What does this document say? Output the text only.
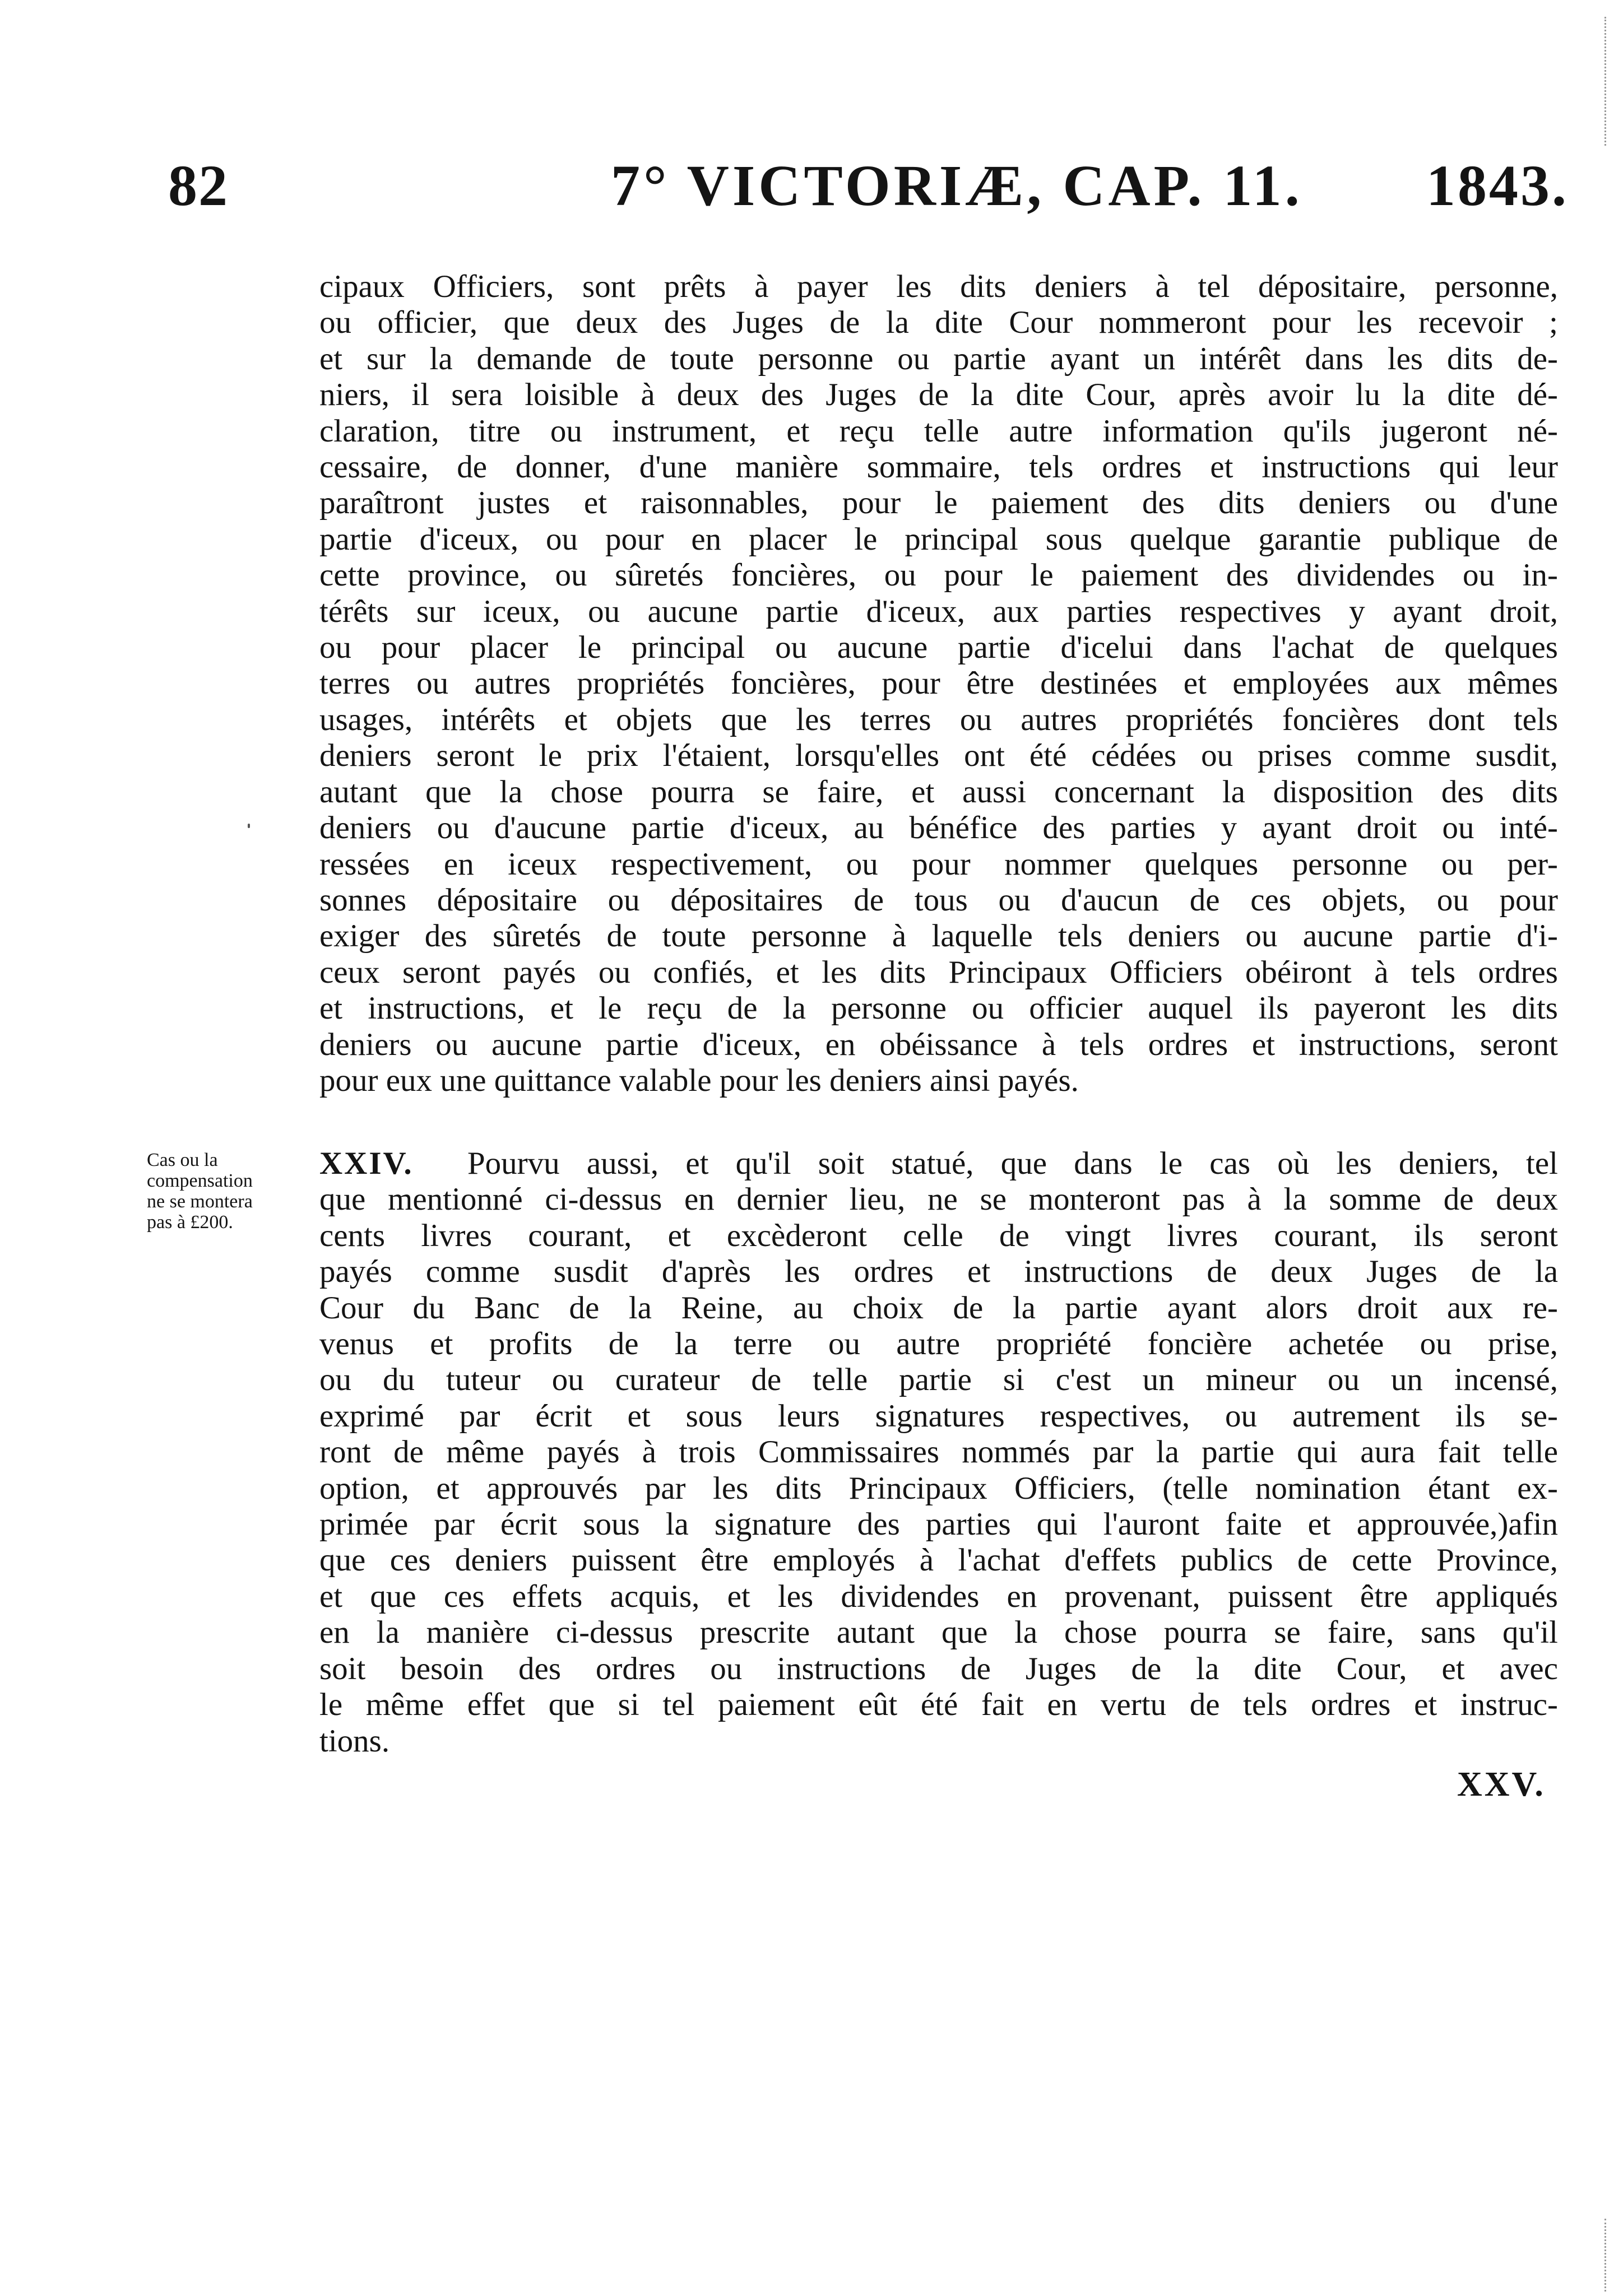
82	7° VICTORIÆ, CAP. 11. 1843.
cipaux Officiers, sont prêts à payer les dits deniers à tel dépositaire, personne,
ou officier, que deux des Juges de la dite Cour nommeront pour les recevoir ;
et sur la demande de toute personne ou partie ayant un intérêt dans les dits de-
niers, il sera loisible à deux des Juges de la dite Cour, après avoir lu la dite dé-
claration, titre ou instrument, et reçu telle autre information qu'ils jugeront né-
cessaire, de donner, d'une manière sommaire, tels ordres et instructions qui leur
paraîtront justes et raisonnables, pour le paiement des dits deniers ou d'une
partie d'iceux, ou pour en placer le principal sous quelque garantie publique de
cette province, ou sûretés foncières, ou pour le paiement des dividendes ou in-
térêts sur iceux, ou aucune partie d'iceux, aux parties respectives y ayant droit,
ou pour placer le principal ou aucune partie d'icelui dans l'achat de quelques
terres ou autres propriétés foncières, pour être destinées et employées aux mêmes
usages, intérêts et objets que les terres ou autres propriétés foncières dont tels
deniers seront le prix l'étaient, lorsqu'elles ont été cédées ou prises comme susdit,
autant que la chose pourra se faire, et aussi concernant la disposition des dits
deniers ou d'aucune partie d'iceux, au bénéfice des parties y ayant droit ou inté-
ressées en iceux respectivement, ou pour nommer quelques personne ou per-
sonnes dépositaire ou dépositaires de tous ou d'aucun de ces objets, ou pour
exiger des sûretés de toute personne à laquelle tels deniers ou aucune partie d'i-
ceux seront payés ou confiés, et les dits Principaux Officiers obéiront à tels ordres
et instructions, et le reçu de la personne ou officier auquel ils payeront les dits
deniers ou aucune partie d'iceux, en obéissance à tels ordres et instructions, seront
pour eux une quittance valable pour les deniers ainsi payés.
Cas ou la
compensation
ne se montera
pas à £200.
XXIV. Pourvu aussi, et qu'il soit statué, que dans le cas où les deniers, tel
que mentionné ci-dessus en dernier lieu, ne se monteront pas à la somme de deux
cents livres courant, et excèderont celle de vingt livres courant, ils seront
payés comme susdit d'après les ordres et instructions de deux Juges de la
Cour du Banc de la Reine, au choix de la partie ayant alors droit aux re-
venus et profits de la terre ou autre propriété foncière achetée ou prise,
ou du tuteur ou curateur de telle partie si c'est un mineur ou un incensé,
exprimé par écrit et sous leurs signatures respectives, ou autrement ils se-
ront de même payés à trois Commissaires nommés par la partie qui aura fait telle
option, et approuvés par les dits Principaux Officiers, (telle nomination étant ex-
primée par écrit sous la signature des parties qui l'auront faite et approuvée,)afin
que ces deniers puissent être employés à l'achat d'effets publics de cette Province,
et que ces effets acquis, et les dividendes en provenant, puissent être appliqués
en la manière ci-dessus prescrite autant que la chose pourra se faire, sans qu'il
soit besoin des ordres ou instructions de Juges de la dite Cour, et avec
le même effet que si tel paiement eût été fait en vertu de tels ordres et instruc-
tions.
XXV.
